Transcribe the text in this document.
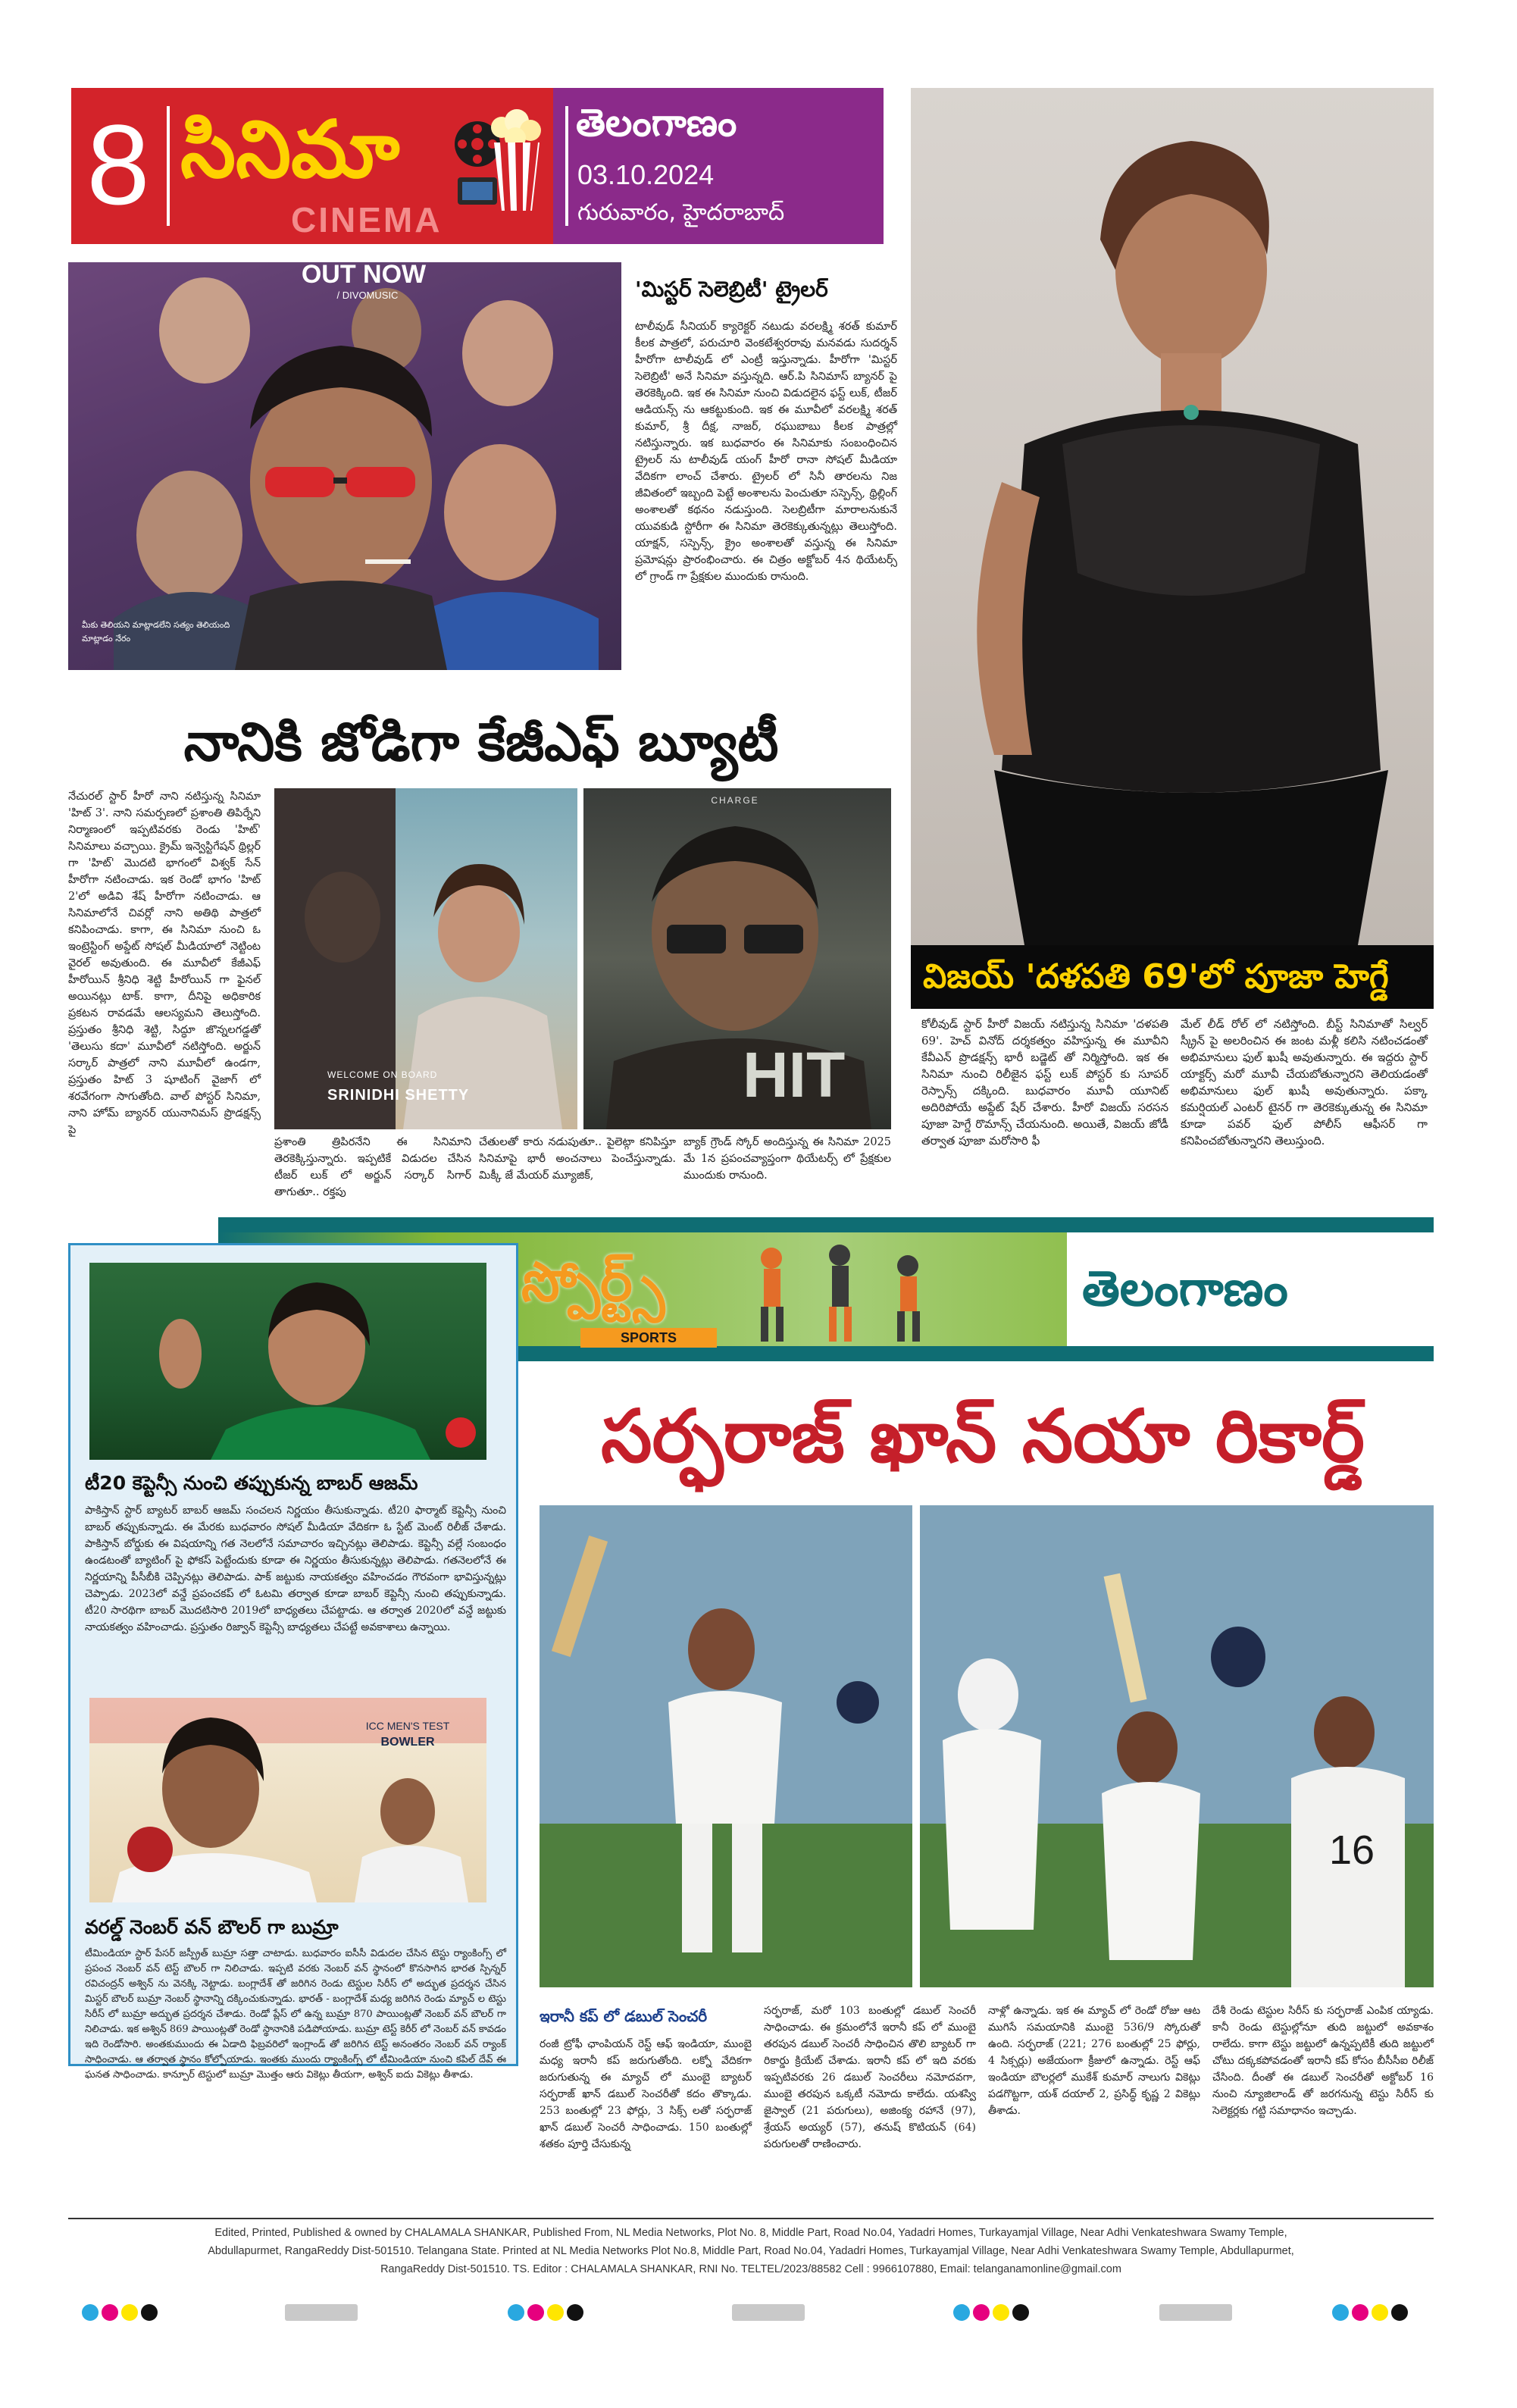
8 సినిమా
CINEMA
తెలంగాణం
03.10.2024
గురువారం, హైదరాబాద్
విజయ్ 'దళపతి 69'లో పూజా హెగ్డే
కోలీవుడ్ స్టార్ హీరో విజయ్ నటిస్తున్న సినిమా 'దళపతి 69'. హెచ్ వినోద్ దర్శకత్వం వహిస్తున్న ఈ మూవీని కేవీఎన్ ప్రొడక్షన్స్ భారీ బడ్జెట్ తో నిర్మిస్తోంది. ఇక ఈ సినిమా నుంచి రిలీజైన ఫస్ట్ లుక్ పోస్టర్ కు సూపర్ రెస్పాన్స్ దక్కింది. బుధవారం మూవీ యూనిట్ అదిరిపోయే అప్డేట్ షేర్ చేశారు. హీరో విజయ్ సరసన పూజా హెగ్డే రొమాన్స్ చేయనుంది. అయితే, విజయ్ జోడీ తర్వాత పూజా మరోసారి ఫీ
మేల్ లీడ్ రోల్ లో నటిస్తోంది. బీస్ట్ సినిమాతో సిల్వర్ స్క్రీన్ పై అలరించిన ఈ జంట మళ్లీ కలిసి నటించడంతో అభిమానులు ఫుల్ ఖుషీ అవుతున్నారు. ఈ ఇద్దరు స్టార్ యాక్టర్స్ మరో మూవీ చేయబోతున్నారని తెలియడంతో అభిమానులు ఫుల్ ఖుషీ అవుతున్నారు. పక్కా కమర్షియల్ ఎంటర్ టైనర్ గా తెరకెక్కుతున్న ఈ సినిమా కూడా పవర్ ఫుల్ పోలీస్ ఆఫీసర్ గా కనిపించబోతున్నారని తెలుస్తుంది.
OUT NOW
/ DIVOMUSIC
మీకు తెలియని మాట్లాడలేని సత్యం తెలియంది మాట్లాడం నేరం
'మిస్టర్ సెలెబ్రిటీ' ట్రైలర్
టాలీవుడ్ సీనియర్ క్యారెక్టర్ నటుడు వరలక్ష్మి శరత్ కుమార్ కీలక పాత్రలో, పరుచూరి వెంకటేశ్వరరావు మనవడు సుదర్శన్ హీరోగా టాలీవుడ్ లో ఎంట్రీ ఇస్తున్నాడు. హీరోగా 'మిస్టర్ సెలెబ్రిటీ' అనే సినిమా వస్తున్నది. ఆర్.పి సినిమాస్ బ్యానర్ పై తెరకెక్కింది. ఇక ఈ సినిమా నుంచి విడుదలైన ఫస్ట్ లుక్, టీజర్ ఆడియన్స్ ను ఆకట్టుకుంది. ఇక ఈ మూవీలో వరలక్ష్మి శరత్ కుమార్, శ్రీ దీక్ష, నాజర్, రఘుబాబు కీలక పాత్రల్లో నటిస్తున్నారు. ఇక బుధవారం ఈ సినిమాకు సంబంధించిన ట్రైలర్ ను టాలీవుడ్ యంగ్ హీరో రానా సోషల్ మీడియా వేదికగా లాంచ్ చేశారు. ట్రైలర్ లో సినీ తారలను నిజ జీవితంలో ఇబ్బంది పెట్టే అంశాలను పెంచుతూ సస్పెన్స్, థ్రిల్లింగ్ అంశాలతో కథనం నడుస్తుంది. సెలబ్రిటీగా మారాలనుకునే యువకుడి స్టోరీగా ఈ సినిమా తెరకెక్కుతున్నట్లు తెలుస్తోంది. యాక్షన్, సస్పెన్స్, క్రైం అంశాలతో వస్తున్న ఈ సినిమా ప్రమోషన్లు ప్రారంభించారు. ఈ చిత్రం అక్టోబర్ 4న థియేటర్స్ లో గ్రాండ్ గా ప్రేక్షకుల ముందుకు రానుంది.
నానికి జోడిగా కేజీఎఫ్ బ్యూటీ
నేచురల్ స్టార్ హీరో నాని నటిస్తున్న సినిమా 'హిట్ 3'. నాని సమర్పణలో ప్రశాంతి తిపిర్నేని నిర్మాణంలో ఇప్పటివరకు రెండు 'హిట్' సినిమాలు వచ్చాయి. క్రైమ్ ఇన్వెస్టిగేషన్ థ్రిల్లర్ గా 'హిట్' మొదటి భాగంలో విశ్వక్ సేన్ హీరోగా నటించాడు. ఇక రెండో భాగం 'హిట్ 2'లో అడివి శేష్ హీరోగా నటించాడు. ఆ సినిమాలోనే చివర్లో నాని అతిథి పాత్రలో కనిపించాడు. కాగా, ఈ సినిమా నుంచి ఓ ఇంట్రెస్టింగ్ అప్డేట్ సోషల్ మీడియాలో నెట్టింట వైరల్ అవుతుంది. ఈ మూవీలో కేజీఎఫ్ హీరోయిన్ శ్రీనిధి శెట్టి హీరోయిన్ గా ఫైనల్ అయినట్లు టాక్. కాగా, దీనిపై అధికారిక ప్రకటన రావడమే ఆలస్యమని తెలుస్తోంది. ప్రస్తుతం శ్రీనిధి శెట్టి, సిద్ధూ జొన్నలగడ్డతో 'తెలుసు కదా' మూవీలో నటిస్తోంది. అర్జున్ సర్కార్ పాత్రలో నాని మూవీలో ఉండగా, ప్రస్తుతం హిట్ 3 షూటింగ్ వైజాగ్ లో శరవేగంగా సాగుతోంది. వాల్ పోస్టర్ సినిమా, నాని హోమ్ బ్యానర్ యునానిమస్ ప్రొడక్షన్స్ పై
WELCOME ON BOARD
SRINIDHI SHETTY
CHARGE
HIT
ప్రశాంతి త్రిపిరనేని ఈ సినిమాని తెరకెక్కిస్తున్నారు. ఇప్పటికే విడుదల చేసిన టీజర్ లుక్ లో అర్జున్ సర్కార్ సిగార్ తాగుతూ.. రక్తపు
చేతులతో కారు నడుపుతూ.. పైలెట్గా కనిపిస్తూ సినిమాపై భారీ అంచనాలు పెంచేస్తున్నాడు. మిక్కీ జే మేయర్ మ్యూజిక్,
బ్యాక్ గ్రౌండ్ స్కోర్ అందిస్తున్న ఈ సినిమా 2025 మే 1న ప్రపంచవ్యాప్తంగా థియేటర్స్ లో ప్రేక్షకుల ముందుకు రానుంది.
స్పోర్ట్స్
SPORTS
తెలంగాణం
టీ20 కెప్టెన్సీ నుంచి తప్పుకున్న బాబర్ ఆజమ్
పాకిస్తాన్ స్టార్ బ్యాటర్ బాబర్ ఆజమ్ సంచలన నిర్ణయం తీసుకున్నాడు. టీ20 ఫార్మాట్ కెప్టెన్సీ నుంచి బాబర్ తప్పుకున్నాడు. ఈ మేరకు బుధవారం సోషల్ మీడియా వేదికగా ఓ స్టేట్ మెంట్ రిలీజ్ చేశాడు. పాకిస్తాన్ బోర్డుకు ఈ విషయాన్ని గత నెలలోనే సమాచారం ఇచ్చినట్లు తెలిపాడు. కెప్టెన్సీ వల్లే సంబంధం ఉండటంతో బ్యాటింగ్ పై ఫోకస్ పెట్టేందుకు కూడా ఈ నిర్ణయం తీసుకున్నట్లు తెలిపాడు. గతనెలలోనే ఈ నిర్ణయాన్ని పీసీబీకి చెప్పినట్లు తెలిపాడు. పాక్ జట్టుకు నాయకత్వం వహించడం గౌరవంగా భావిస్తున్నట్లు చెప్పాడు. 2023లో వన్డే ప్రపంచకప్ లో ఓటమి తర్వాత కూడా బాబర్ కెప్టెన్సీ నుంచి తప్పుకున్నాడు. టీ20 సారథిగా బాబర్ మొదటిసారి 2019లో బాధ్యతలు చేపట్టాడు. ఆ తర్వాత 2020లో వన్డే జట్టుకు నాయకత్వం వహించాడు. ప్రస్తుతం రిజ్వాన్ కెప్టెన్సీ బాధ్యతలు చేపట్టే అవకాశాలు ఉన్నాయి.
ICC MEN'S TEST
BOWLER
వరల్డ్ నెంబర్ వన్ బౌలర్ గా బుమ్రా
టీమిండియా స్టార్ పేసర్ జస్ప్రీత్ బుమ్రా సత్తా చాటాడు. బుధవారం ఐసీసీ విడుదల చేసిన టెస్టు ర్యాంకింగ్స్ లో ప్రపంచ నెంబర్ వన్ టెస్ట్ బౌలర్ గా నిలిచాడు. ఇప్పటి వరకు నెంబర్ వన్ స్థానంలో కొనసాగిన భారత స్పిన్నర్ రవిచంద్రన్ అశ్విన్ ను వెనక్కి నెట్టాడు. బంగ్లాదేశ్ తో జరిగిన రెండు టెస్టుల సిరీస్ లో అద్భుత ప్రదర్శన చేసిన మిస్టర్ బౌలర్ బుమ్రా నెంబర్ స్థానాన్ని దక్కించుకున్నాడు. భారత్ - బంగ్లాదేశ్ మధ్య జరిగిన రెండు మ్యాచ్ ల టెస్టు సిరీస్ లో బుమ్రా అద్భుత ప్రదర్శన చేశాడు. రెండో ప్లేస్ లో ఉన్న బుమ్రా 870 పాయింట్లతో నెంబర్ వన్ బౌలర్ గా నిలిచాడు. ఇక అశ్విన్ 869 పాయింట్లతో రెండో స్థానానికి పడిపోయాడు. బుమ్రా టెస్ట్ కెరీర్ లో నెంబర్ వన్ కావడం ఇది రెండోసారి. అంతకుముందు ఈ ఏడాది ఫిబ్రవరిలో ఇంగ్లాండ్ తో జరిగిన టెస్ట్ అనంతరం నెంబర్ వన్ ర్యాంక్ సాధించాడు. ఆ తర్వాత స్థానం కోల్పోయాడు. ఇంతకు ముందు ర్యాంకింగ్స్ లో టీమిండియా నుంచి కపిల్ దేవ్ ఈ ఘనత సాధించాడు. కాన్పూర్ టెస్టులో బుమ్రా మొత్తం ఆరు వికెట్లు తీయగా, అశ్విన్ ఐదు వికెట్లు తీశాడు.
సర్ఫరాజ్ ఖాన్ నయా రికార్డ్
16
ఇరానీ కప్ లో డబుల్ సెంచరీ
రంజీ ట్రోఫీ ఛాంపియన్ రెస్ట్ ఆఫ్ ఇండియా, ముంబై మధ్య ఇరానీ కప్ జరుగుతోంది. లక్నో వేదికగా జరుగుతున్న ఈ మ్యాచ్ లో ముంబై బ్యాటర్ సర్ఫరాజ్ ఖాన్ డబుల్ సెంచరీతో కదం తొక్కాడు. 253 బంతుల్లో 23 ఫోర్లు, 3 సిక్స్ లతో సర్ఫరాజ్ ఖాన్ డబుల్ సెంచరీ సాధించాడు. 150 బంతుల్లో శతకం పూర్తి చేసుకున్న
సర్ఫరాజ్, మరో 103 బంతుల్లో డబుల్ సెంచరీ సాధించాడు. ఈ క్రమంలోనే ఇరానీ కప్ లో ముంబై తరపున డబుల్ సెంచరీ సాధించిన తొలి బ్యాటర్ గా రికార్డు క్రియేట్ చేశాడు. ఇరానీ కప్ లో ఇది వరకు ఇప్పటివరకు 26 డబుల్ సెంచరీలు నమోదవగా, ముంబై తరపున ఒక్కటీ నమోదు కాలేదు. యశస్వి జైస్వాల్ (21 పరుగులు), అజింక్య రహానే (97), శ్రేయస్ అయ్యర్ (57), తనుష్ కొటియన్ (64) పరుగులతో రాణించారు.
నాళ్లో ఉన్నాడు. ఇక ఈ మ్యాచ్ లో రెండో రోజు ఆట ముగిసే సమయానికి ముంబై 536/9 స్కోరుతో ఉంది. సర్ఫరాజ్ (221; 276 బంతుల్లో 25 ఫోర్లు, 4 సిక్సర్లు) అజేయంగా క్రీజులో ఉన్నాడు. రెస్ట్ ఆఫ్ ఇండియా బౌలర్లలో ముకేశ్ కుమార్ నాలుగు వికెట్లు పడగొట్టగా, యశ్ దయాల్ 2, ప్రసిద్ధ్ కృష్ణ 2 వికెట్లు తీశాడు.
దేశీ రెండు టెస్టుల సిరీస్ కు సర్ఫరాజ్ ఎంపిక య్యాడు. కానీ రెండు టెస్టుల్లోనూ తుది జట్టులో అవకాశం రాలేదు. కాగా టెస్టు జట్టులో ఉన్నప్పటికీ తుది జట్టులో చోటు దక్కకపోవడంతో ఇరానీ కప్ కోసం బీసీసీఐ రిలీజ్ చేసింది. దీంతో ఈ డబుల్ సెంచరీతో అక్టోబర్ 16 నుంచి న్యూజిలాండ్ తో జరగనున్న టెస్టు సిరీస్ కు సెలెక్టర్లకు గట్టి సమాధానం ఇచ్చాడు.
Edited, Printed, Published & owned by CHALAMALA SHANKAR, Published From, NL Media Networks, Plot No. 8, Middle Part, Road No.04, Yadadri Homes, Turkayamjal Village, Near Adhi Venkateshwara Swamy Temple,
Abdullapurmet, RangaReddy Dist-501510. Telangana State. Printed at NL Media Networks Plot No.8, Middle Part, Road No.04, Yadadri Homes, Turkayamjal Village, Near Adhi Venkateshwara Swamy Temple, Abdullapurmet,
RangaReddy Dist-501510. TS. Editor : CHALAMALA SHANKAR, RNI No. TELTEL/2023/88582 Cell : 9966107880, Email: telanganamonline@gmail.com
